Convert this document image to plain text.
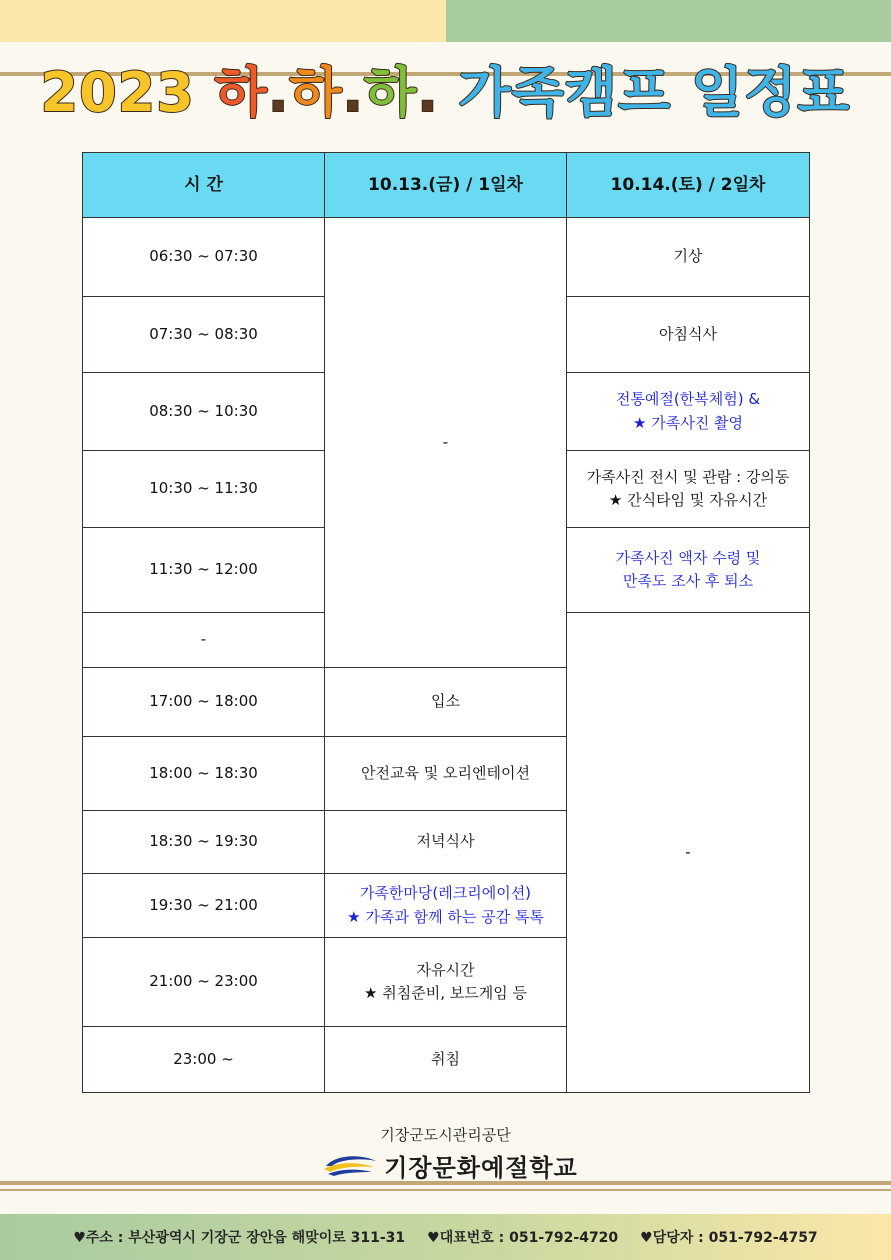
2023 하.하.하. 가족캠프 일정표
시 간	10.13.(금) / 1일차	10.14.(토) / 2일차
06:30 ~ 07:30	-	기상

07:30 ~ 08:30		아침식사

08:30 ~ 10:30		전통예절(한복체험) &
★ 가족사진 촬영

10:30 ~ 11:30		가족사진 전시 및 관람 : 강의동
★ 간식타임 및 자유시간

11:30 ~ 12:00		가족사진 액자 수령 및
만족도 조사 후 퇴소

-		-
17:00 ~ 18:00	입소	

18:00 ~ 18:30	안전교육 및 오리엔테이션	

18:30 ~ 19:30	저녁식사	

19:30 ~ 21:00	가족한마당(레크리에이션)
★ 가족과 함께 하는 공감 톡톡	

21:00 ~ 23:00	자유시간
★ 취침준비, 보드게임 등	

23:00 ~	취침	
기장군도시관리공단
기장문화예절학교
♥주소 : 부산광역시 기장군 장안읍 해맞이로 311-31 ♥대표번호 : 051-792-4720 ♥담당자 : 051-792-4757
